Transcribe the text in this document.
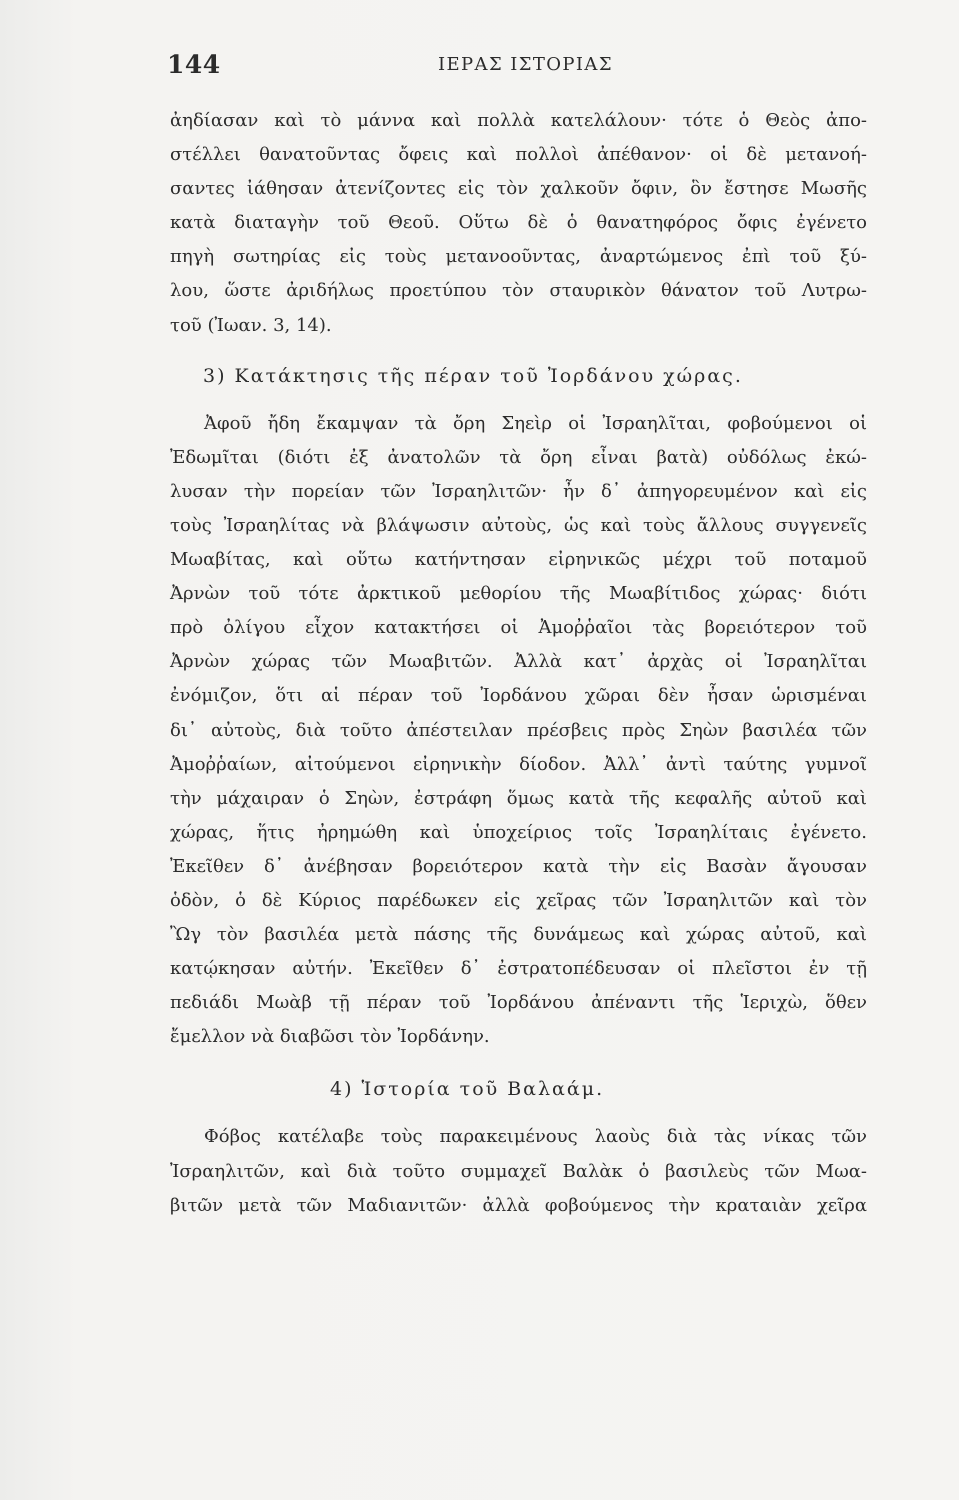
144	ΙΕΡΑΣ ΙΣΤΟΡΙΑΣ
ἀηδίασαν καὶ τὸ μάννα καὶ πολλὰ κατελάλουν· τότε ὁ Θεὸς ἀπο-
στέλλει θανατοῦντας ὄφεις καὶ πολλοὶ ἀπέθανον· οἱ δὲ μετανοή-
σαντες ἰάθησαν ἀτενίζοντες εἰς τὸν χαλκοῦν ὄφιν, ὃν ἔστησε Μωσῆς
κατὰ διαταγὴν τοῦ Θεοῦ. Οὕτω δὲ ὁ θανατηφόρος ὄφις ἐγένετο
πηγὴ σωτηρίας εἰς τοὺς μετανοοῦντας, ἀναρτώμενος ἐπὶ τοῦ ξύ-
λου, ὥστε ἀριδήλως προετύπου τὸν σταυρικὸν θάνατον τοῦ Λυτρω-
τοῦ (Ἰωαν. 3, 14).
3) Κατάκτησις τῆς πέραν τοῦ Ἰορδάνου χώρας.
Ἀφοῦ ἤδη ἔκαμψαν τὰ ὄρη Σηεὶρ οἱ Ἰσραηλῖται, φοβούμενοι οἱ
Ἐδωμῖται (διότι ἐξ ἀνατολῶν τὰ ὄρη εἶναι βατὰ) οὐδόλως ἐκώ-
λυσαν τὴν πορείαν τῶν Ἰσραηλιτῶν· ἦν δ᾿ ἀπηγορευμένον καὶ εἰς
τοὺς Ἰσραηλίτας νὰ βλάψωσιν αὐτοὺς, ὡς καὶ τοὺς ἄλλους συγγενεῖς
Μωαβίτας, καὶ οὕτω κατήντησαν εἰρηνικῶς μέχρι τοῦ ποταμοῦ
Ἀρνὼν τοῦ τότε ἀρκτικοῦ μεθορίου τῆς Μωαβίτιδος χώρας· διότι
πρὸ ὀλίγου εἶχον κατακτήσει οἱ Ἀμοῤῥαῖοι τὰς βορειότερον τοῦ
Ἀρνὼν χώρας τῶν Μωαβιτῶν. Ἀλλὰ κατ᾿ ἀρχὰς οἱ Ἰσραηλῖται
ἐνόμιζον, ὅτι αἱ πέραν τοῦ Ἰορδάνου χῶραι δὲν ἦσαν ὡρισμέναι
δι᾿ αὐτοὺς, διὰ τοῦτο ἀπέστειλαν πρέσβεις πρὸς Σηὼν βασιλέα τῶν
Ἀμοῤῥαίων, αἰτούμενοι εἰρηνικὴν δίοδον. Ἀλλ᾿ ἀντὶ ταύτης γυμνοῖ
τὴν μάχαιραν ὁ Σηὼν, ἐστράφη ὅμως κατὰ τῆς κεφαλῆς αὐτοῦ καὶ
χώρας, ἥτις ἠρημώθη καὶ ὑποχείριος τοῖς Ἰσραηλίταις ἐγένετο.
Ἐκεῖθεν δ᾿ ἀνέβησαν βορειότερον κατὰ τὴν εἰς Βασὰν ἄγουσαν
ὁδὸν, ὁ δὲ Κύριος παρέδωκεν εἰς χεῖρας τῶν Ἰσραηλιτῶν καὶ τὸν
Ὢγ τὸν βασιλέα μετὰ πάσης τῆς δυνάμεως καὶ χώρας αὐτοῦ, καὶ
κατῴκησαν αὐτήν. Ἐκεῖθεν δ᾿ ἐστρατοπέδευσαν οἱ πλεῖστοι ἐν τῇ
πεδιάδι Μωὰβ τῇ πέραν τοῦ Ἰορδάνου ἀπέναντι τῆς Ἱεριχὼ, ὅθεν
ἔμελλον νὰ διαβῶσι τὸν Ἰορδάνην.
4) Ἱστορία τοῦ Βαλαάμ.
Φόβος κατέλαβε τοὺς παρακειμένους λαοὺς διὰ τὰς νίκας τῶν
Ἰσραηλιτῶν, καὶ διὰ τοῦτο συμμαχεῖ Βαλὰκ ὁ βασιλεὺς τῶν Μωα-
βιτῶν μετὰ τῶν Μαδιανιτῶν· ἀλλὰ φοβούμενος τὴν κραταιὰν χεῖρα
